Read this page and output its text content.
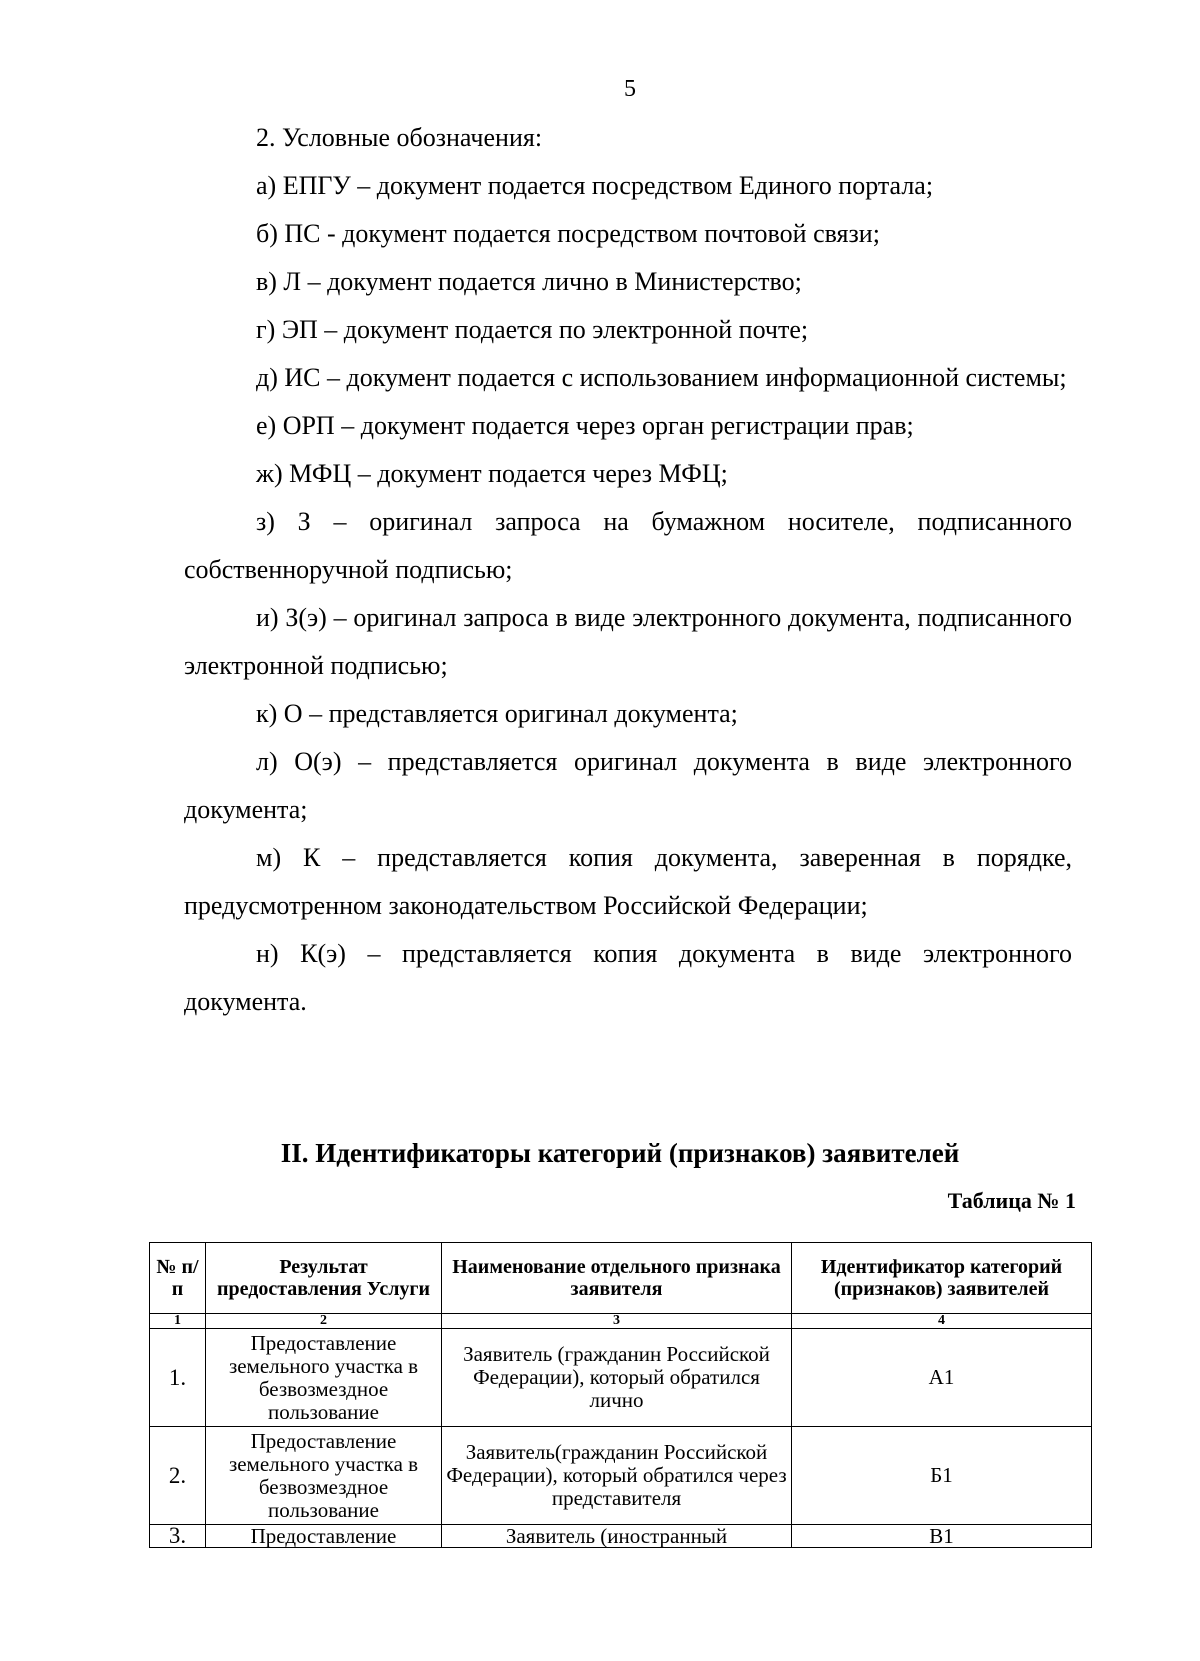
5

2. Условные обозначения:

а) ЕПГУ – документ подается посредством Единого портала;

б) ПС - документ подается посредством почтовой связи;

в) Л – документ подается лично в Министерство;

г) ЭП – документ подается по электронной почте;

д) ИС – документ подается с использованием информационной системы;

е) ОРП – документ подается через орган регистрации прав;

ж) МФЦ – документ подается через МФЦ;

з) З – оригинал запроса на бумажном носителе, подписанного собственноручной подписью;

и) З(э) – оригинал запроса в виде электронного документа, подписанного электронной подписью;

к) О – представляется оригинал документа;

л) О(э) – представляется оригинал документа в виде электронного документа;

м) К – представляется копия документа, заверенная в порядке, предусмотренном законодательством Российской Федерации;

н) К(э) – представляется копия документа в виде электронного документа.

II. Идентификаторы категорий (признаков) заявителей
Таблица № 1
№ п/п	Результат предоставления Услуги	Наименование отдельного признака заявителя	Идентификатор категорий (признаков) заявителей
1	2	3	4
1.	Предоставление земельного участка в безвозмездное пользование	Заявитель (гражданин Российской Федерации), который обратился лично	А1
2.	Предоставление земельного участка в безвозмездное пользование	Заявитель(гражданин Российской Федерации), который обратился через представителя	Б1
3.	Предоставление	Заявитель (иностранный	В1
